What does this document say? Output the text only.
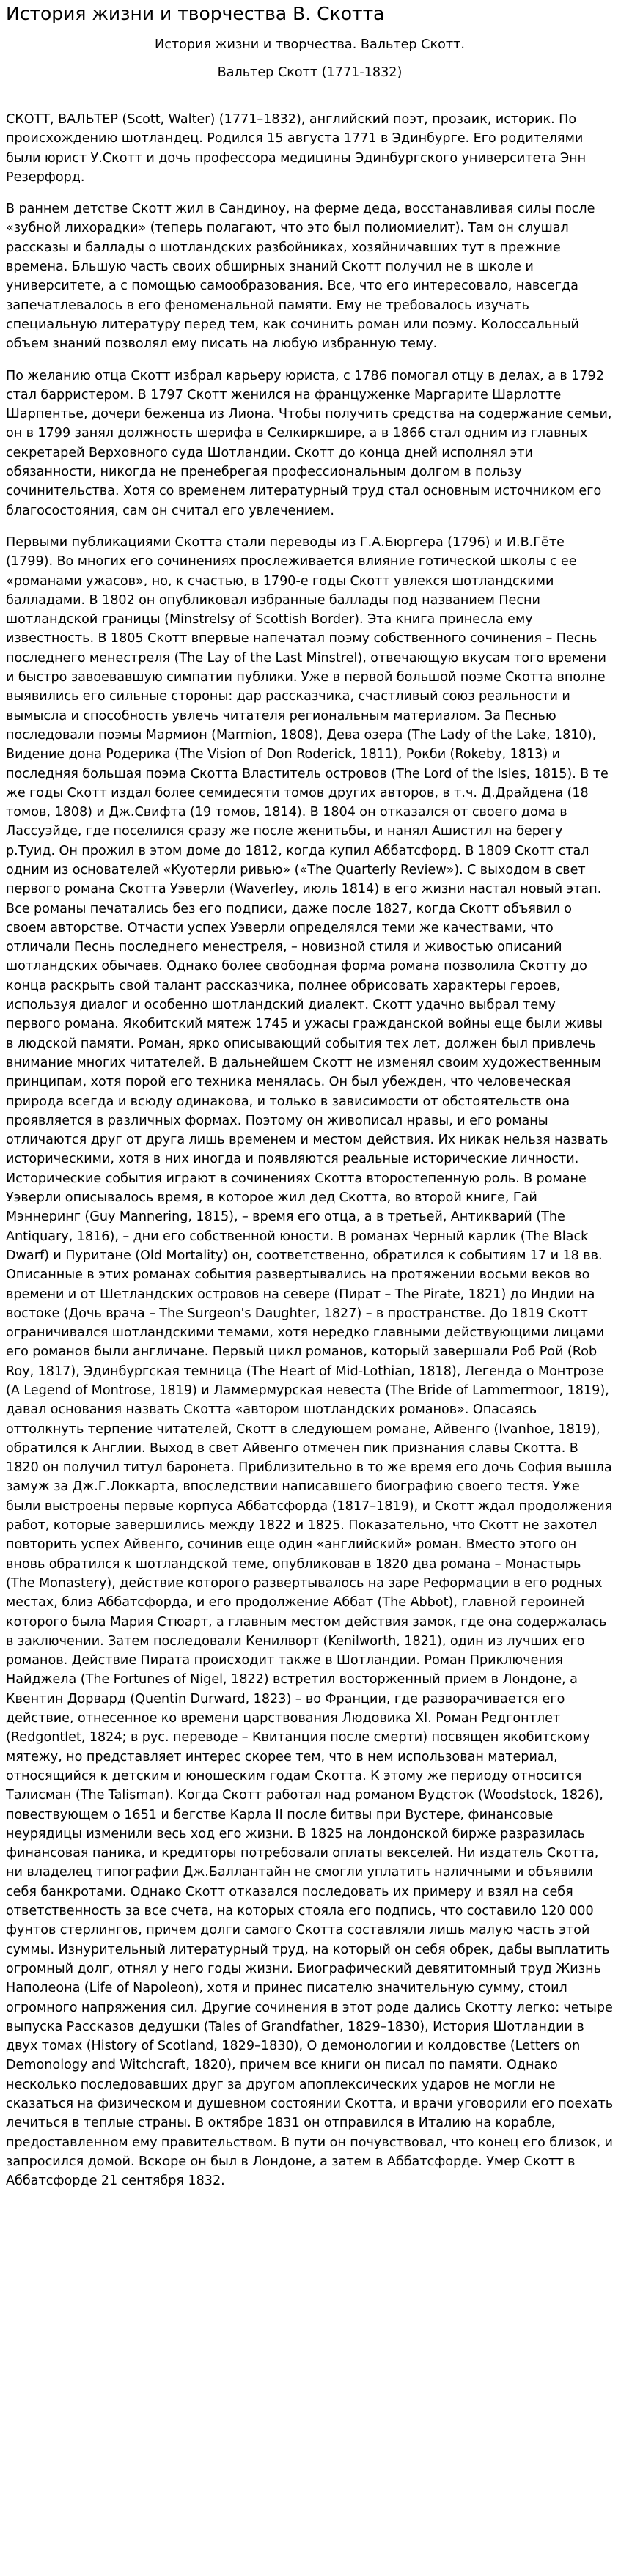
История жизни и творчества В. Скотта

История жизни и творчества. Вальтер Скотт.

Вальтер Скотт (1771-1832)

СКОТТ, ВАЛЬТЕР (Scott, Walter) (1771–1832), английский поэт, прозаик, историк. По происхождению шотландец. Родился 15 августа 1771 в Эдинбурге. Его родителями были юрист У.Скотт и дочь профессора медицины Эдинбургского университета Энн Резерфорд.

В раннем детстве Скотт жил в Сандиноу, на ферме деда, восстанавливая силы после «зубной лихорадки» (теперь полагают, что это был полиомиелит). Там он слушал рассказы и баллады о шотландских разбойниках, хозяйничавших тут в прежние времена. Бльшую часть своих обширных знаний Скотт получил не в школе и университете, а с помощью самообразования. Все, что его интересовало, навсегда запечатлевалось в его феноменальной памяти. Ему не требовалось изучать специальную литературу перед тем, как сочинить роман или поэму. Колоссальный объем знаний позволял ему писать на любую избранную тему.

По желанию отца Скотт избрал карьеру юриста, с 1786 помогал отцу в делах, а в 1792 стал барристером. В 1797 Скотт женился на француженке Маргарите Шарлотте Шарпентье, дочери беженца из Лиона. Чтобы получить средства на содержание семьи, он в 1799 занял должность шерифа в Селкиркшире, а в 1866 стал одним из главных секретарей Верховного суда Шотландии. Скотт до конца дней исполнял эти обязанности, никогда не пренебрегая профессиональным долгом в пользу сочинительства. Хотя со временем литературный труд стал основным источником его благосостояния, сам он считал его увлечением.

Первыми публикациями Скотта стали переводы из Г.А.Бюргера (1796) и И.В.Гёте (1799). Во многих его сочинениях прослеживается влияние готической школы с ее «романами ужасов», но, к счастью, в 1790-е годы Скотт увлекся шотландскими балладами. В 1802 он опубликовал избранные баллады под названием Песни шотландской границы (Minstrelsy of Scottish Border). Эта книга принесла ему известность. В 1805 Скотт впервые напечатал поэму собственного сочинения – Песнь последнего менестреля (The Lay of the Last Minstrel), отвечающую вкусам того времени и быстро завоевавшую симпатии публики. Уже в первой большой поэме Скотта вполне выявились его сильные стороны: дар рассказчика, счастливый союз реальности и вымысла и способность увлечь читателя региональным материалом. За Песнью последовали поэмы Мармион (Marmion, 1808), Дева озера (The Lady of the Lake, 1810), Видение дона Родерика (The Vision of Don Roderick, 1811), Рокби (Rokeby, 1813) и последняя большая поэма Скотта Властитель островов (The Lord of the Isles, 1815). В те же годы Скотт издал более семидесяти томов других авторов, в т.ч. Д.Драйдена (18 томов, 1808) и Дж.Свифта (19 томов, 1814). В 1804 он отказался от своего дома в Лассуэйде, где поселился сразу же после женитьбы, и нанял Ашистил на берегу р.Туид. Он прожил в этом доме до 1812, когда купил Аббатсфорд. В 1809 Скотт стал одним из основателей «Куотерли ривью» («The Quarterly Review»). С выходом в свет первого романа Скотта Уэверли (Waverley, июль 1814) в его жизни настал новый этап. Все романы печатались без его подписи, даже после 1827, когда Скотт объявил о своем авторстве. Отчасти успех Уэверли определялся теми же качествами, что отличали Песнь последнего менестреля, – новизной стиля и живостью описаний шотландских обычаев. Однако более свободная форма романа позволила Скотту до конца раскрыть свой талант рассказчика, полнее обрисовать характеры героев, используя диалог и особенно шотландский диалект. Скотт удачно выбрал тему первого романа. Якобитский мятеж 1745 и ужасы гражданской войны еще были живы в людской памяти. Роман, ярко описывающий события тех лет, должен был привлечь внимание многих читателей. В дальнейшем Скотт не изменял своим художественным принципам, хотя порой его техника менялась. Он был убежден, что человеческая природа всегда и всюду одинакова, и только в зависимости от обстоятельств она проявляется в различных формах. Поэтому он живописал нравы, и его романы отличаются друг от друга лишь временем и местом действия. Их никак нельзя назвать историческими, хотя в них иногда и появляются реальные исторические личности. Исторические события играют в сочинениях Скотта второстепенную роль. В романе Уэверли описывалось время, в которое жил дед Скотта, во второй книге, Гай Мэннеринг (Guy Mannering, 1815), – время его отца, а в третьей, Антикварий (The Antiquary, 1816), – дни его собственной юности. В романах Черный карлик (The Black Dwarf) и Пуритане (Old Mortality) он, соответственно, обратился к событиям 17 и 18 вв. Описанные в этих романах события развертывались на протяжении восьми веков во времени и от Шетландских островов на севере (Пират – The Pirate, 1821) до Индии на востоке (Дочь врача – The Surgeon's Daughter, 1827) – в пространстве. До 1819 Скотт ограничивался шотландскими темами, хотя нередко главными действующими лицами его романов были англичане. Первый цикл романов, который завершали Роб Рой (Rob Roy, 1817), Эдинбургская темница (The Heart of Mid-Lothian, 1818), Легенда о Монтрозе (A Legend of Montrose, 1819) и Ламмермурская невеста (The Bride of Lammermoor, 1819), давал основания назвать Скотта «автором шотландских романов». Опасаясь оттолкнуть терпение читателей, Скотт в следующем романе, Айвенго (Ivanhoe, 1819), обратился к Англии. Выход в свет Айвенго отмечен пик признания славы Скотта. В 1820 он получил титул баронета. Приблизительно в то же время его дочь София вышла замуж за Дж.Г.Локкарта, впоследствии написавшего биографию своего тестя. Уже были выстроены первые корпуса Аббатсфорда (1817–1819), и Скотт ждал продолжения работ, которые завершились между 1822 и 1825. Показательно, что Скотт не захотел повторить успех Айвенго, сочинив еще один «английский» роман. Вместо этого он вновь обратился к шотландской теме, опубликовав в 1820 два романа – Монастырь (The Monastery), действие которого развертывалось на заре Реформации в его родных местах, близ Аббатсфорда, и его продолжение Аббат (The Abbot), главной героиней которого была Мария Стюарт, а главным местом действия замок, где она содержалась в заключении. Затем последовали Кенилворт (Kenilworth, 1821), один из лучших его романов. Действие Пирата происходит также в Шотландии. Роман Приключения Найджела (The Fortunes of Nigel, 1822) встретил восторженный прием в Лондоне, а Квентин Дорвард (Quentin Durward, 1823) – во Франции, где разворачивается его действие, отнесенное ко времени царствования Людовика XI. Роман Редгонтлет (Redgontlet, 1824; в рус. переводе – Квитанция после смерти) посвящен якобитскому мятежу, но представляет интерес скорее тем, что в нем использован материал, относящийся к детским и юношеским годам Скотта. К этому же периоду относится Талисман (The Talisman). Когда Скотт работал над романом Вудсток (Woodstock, 1826), повествующем о 1651 и бегстве Карла II после битвы при Вустере, финансовые неурядицы изменили весь ход его жизни. В 1825 на лондонской бирже разразилась финансовая паника, и кредиторы потребовали оплаты векселей. Ни издатель Скотта, ни владелец типографии Дж.Баллантайн не смогли уплатить наличными и объявили себя банкротами. Однако Скотт отказался последовать их примеру и взял на себя ответственность за все счета, на которых стояла его подпись, что составило 120 000 фунтов стерлингов, причем долги самого Скотта составляли лишь малую часть этой суммы. Изнурительный литературный труд, на который он себя обрек, дабы выплатить огромный долг, отнял у него годы жизни. Биографический девятитомный труд Жизнь Наполеона (Life of Napoleon), хотя и принес писателю значительную сумму, стоил огромного напряжения сил. Другие сочинения в этот роде дались Скотту легко: четыре выпуска Рассказов дедушки (Tales of Grandfather, 1829–1830), История Шотландии в двух томах (History of Scotland, 1829–1830), О демонологии и колдовстве (Letters on Demonology and Witchcraft, 1820), причем все книги он писал по памяти. Однако несколько последовавших друг за другом апоплексических ударов не могли не сказаться на физическом и душевном состоянии Скотта, и врачи уговорили его поехать лечиться в теплые страны. В октябре 1831 он отправился в Италию на корабле, предоставленном ему правительством. В пути он почувствовал, что конец его близок, и запросился домой. Вскоре он был в Лондоне, а затем в Аббатсфорде. Умер Скотт в Аббатсфорде 21 сентября 1832.
